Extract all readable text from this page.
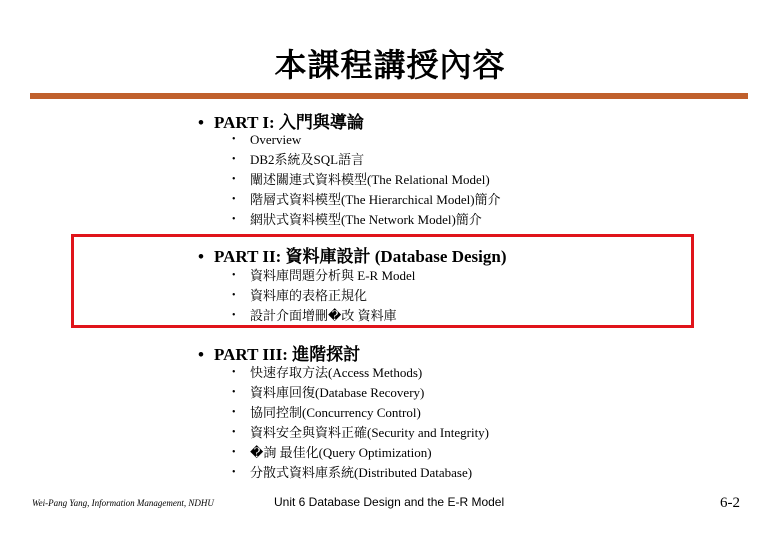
本課程講授內容
• PART I: 入門與導論
• Overview
• DB2系統及SQL語言
• 闡述關連式資料模型(The Relational Model)
• 階層式資料模型(The Hierarchical Model)簡介
• 網狀式資料模型(The Network Model)簡介
• PART II: 資料庫設計 (Database Design)
• 資料庫問題分析與 E-R Model
• 資料庫的表格正規化
• 設計介面增刪�改 資料庫
• PART III: 進階探討
• 快速存取方法(Access Methods)
• 資料庫回復(Database Recovery)
• 協同控制(Concurrency Control)
• 資料安全與資料正確(Security and Integrity)
• �詢 最佳化(Query Optimization)
• 分散式資料庫系統(Distributed Database)
Wei-Pang Yang, Information Management, NDHU	Unit 6 Database Design and the E-R Model	6-2
